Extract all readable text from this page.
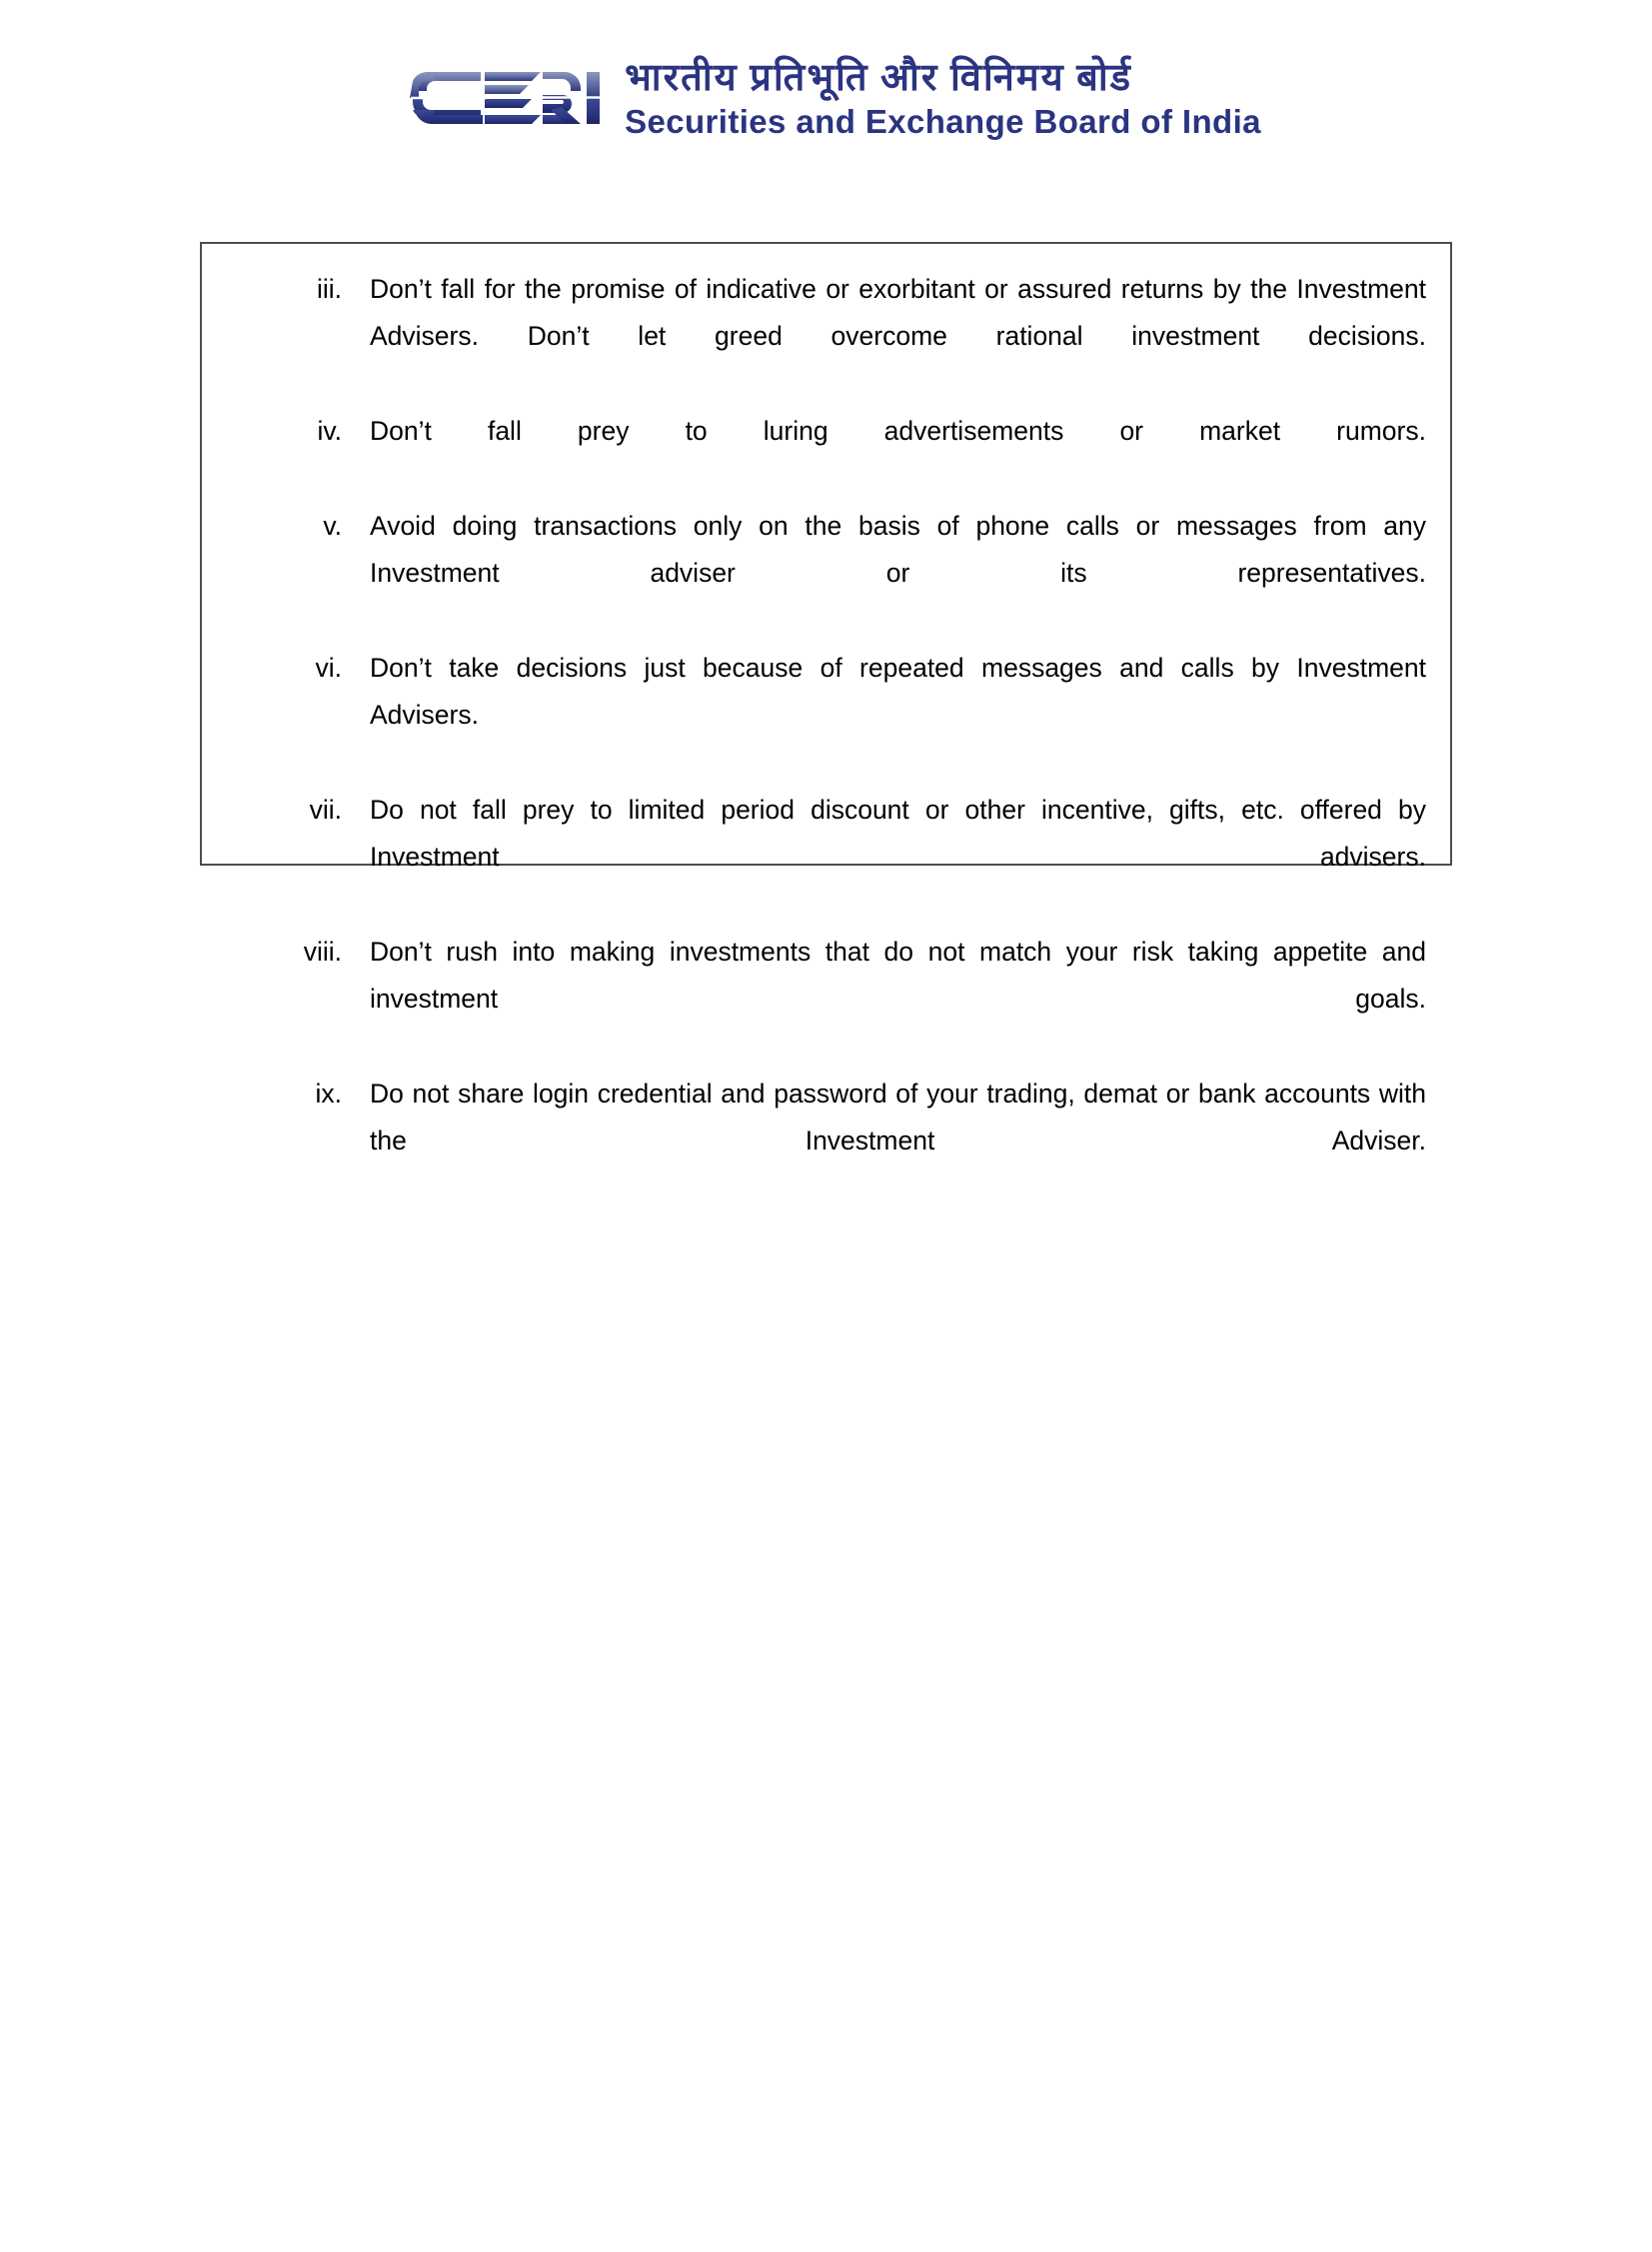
भारतीय प्रतिभूति और विनिमय बोर्ड
Securities and Exchange Board of India
iii.	Don’t fall for the promise of indicative or exorbitant or assured returns by the Investment Advisers. Don’t let greed overcome rational investment decisions.
iv.	Don’t fall prey to luring advertisements or market rumors.
v.	Avoid doing transactions only on the basis of phone calls or messages from any Investment adviser or its representatives.
vi.	Don’t take decisions just because of repeated messages and calls by Investment Advisers.
vii.	Do not fall prey to limited period discount or other incentive, gifts, etc. offered by Investment advisers.
viii.	Don’t rush into making investments that do not match your risk taking appetite and investment goals.
ix.	Do not share login credential and password of your trading, demat or bank accounts with the Investment Adviser.
